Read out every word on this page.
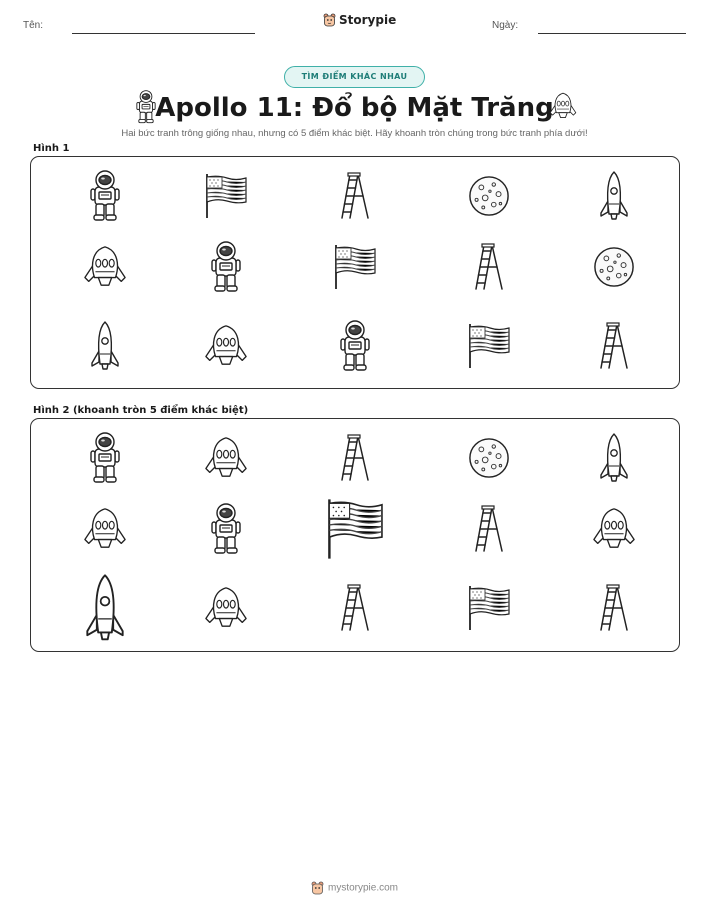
Tên:	Storypie	Ngày:
TÌM ĐIỂM KHÁC NHAU
Apollo 11: Đổ bộ Mặt Trăng
Hai bức tranh trông giống nhau, nhưng có 5 điểm khác biệt. Hãy khoanh tròn chúng trong bức tranh phía dưới!
Hình 1
Hình 2 (khoanh tròn 5 điểm khác biệt)
mystorypie.com
